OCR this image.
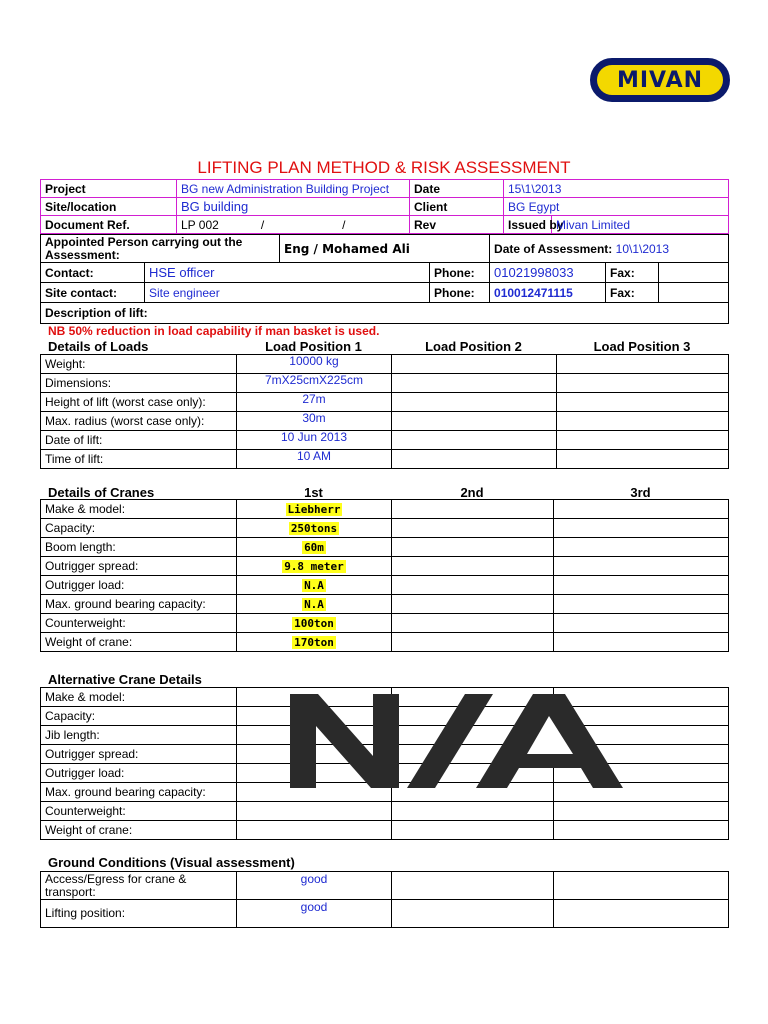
MIVAN
LIFTING PLAN METHOD & RISK ASSESSMENT
Project	BG new Administration Building Project	Date	15\1\2013	
Site/location	BG building	Client	BG Egypt	
Document Ref.	LP 002 / /	Rev	Issued by	Mivan Limited
Appointed Person carrying out the Assessment:		Eng / Mohamed Ali		Date of Assessment: 10\1\2013		
Contact:	HSE officer		Phone:	01021998033	Fax:	
Site contact:	Site engineer		Phone:	010012471115	Fax:	
Description of lift:						
NB 50% reduction in load capability if man basket is used.
Details of Loads	Load Position 1	Load Position 2	Load Position 3
Weight:	10000 kg		
Dimensions:	7mX25cmX225cm		
Height of lift (worst case only):	27m		
Max. radius (worst case only):	30m		
Date of lift:	10 Jun 2013		
Time of lift:	10 AM		
Details of Cranes	1st	2nd	3rd
Make & model:	Liebherr		
Capacity:	250tons		
Boom length:	60m		
Outrigger spread:	9.8 meter		
Outrigger load:	N.A		
Max. ground bearing capacity:	N.A		
Counterweight:	100ton		
Weight of crane:	170ton		
Alternative Crane Details
Make & model:			
Capacity:			
Jib length:			
Outrigger spread:			
Outrigger load:			
Max. ground bearing capacity:			
Counterweight:			
Weight of crane:			
N/A
Ground Conditions (Visual assessment)
Access/Egress for crane & transport:	good		
Lifting position:	good		
